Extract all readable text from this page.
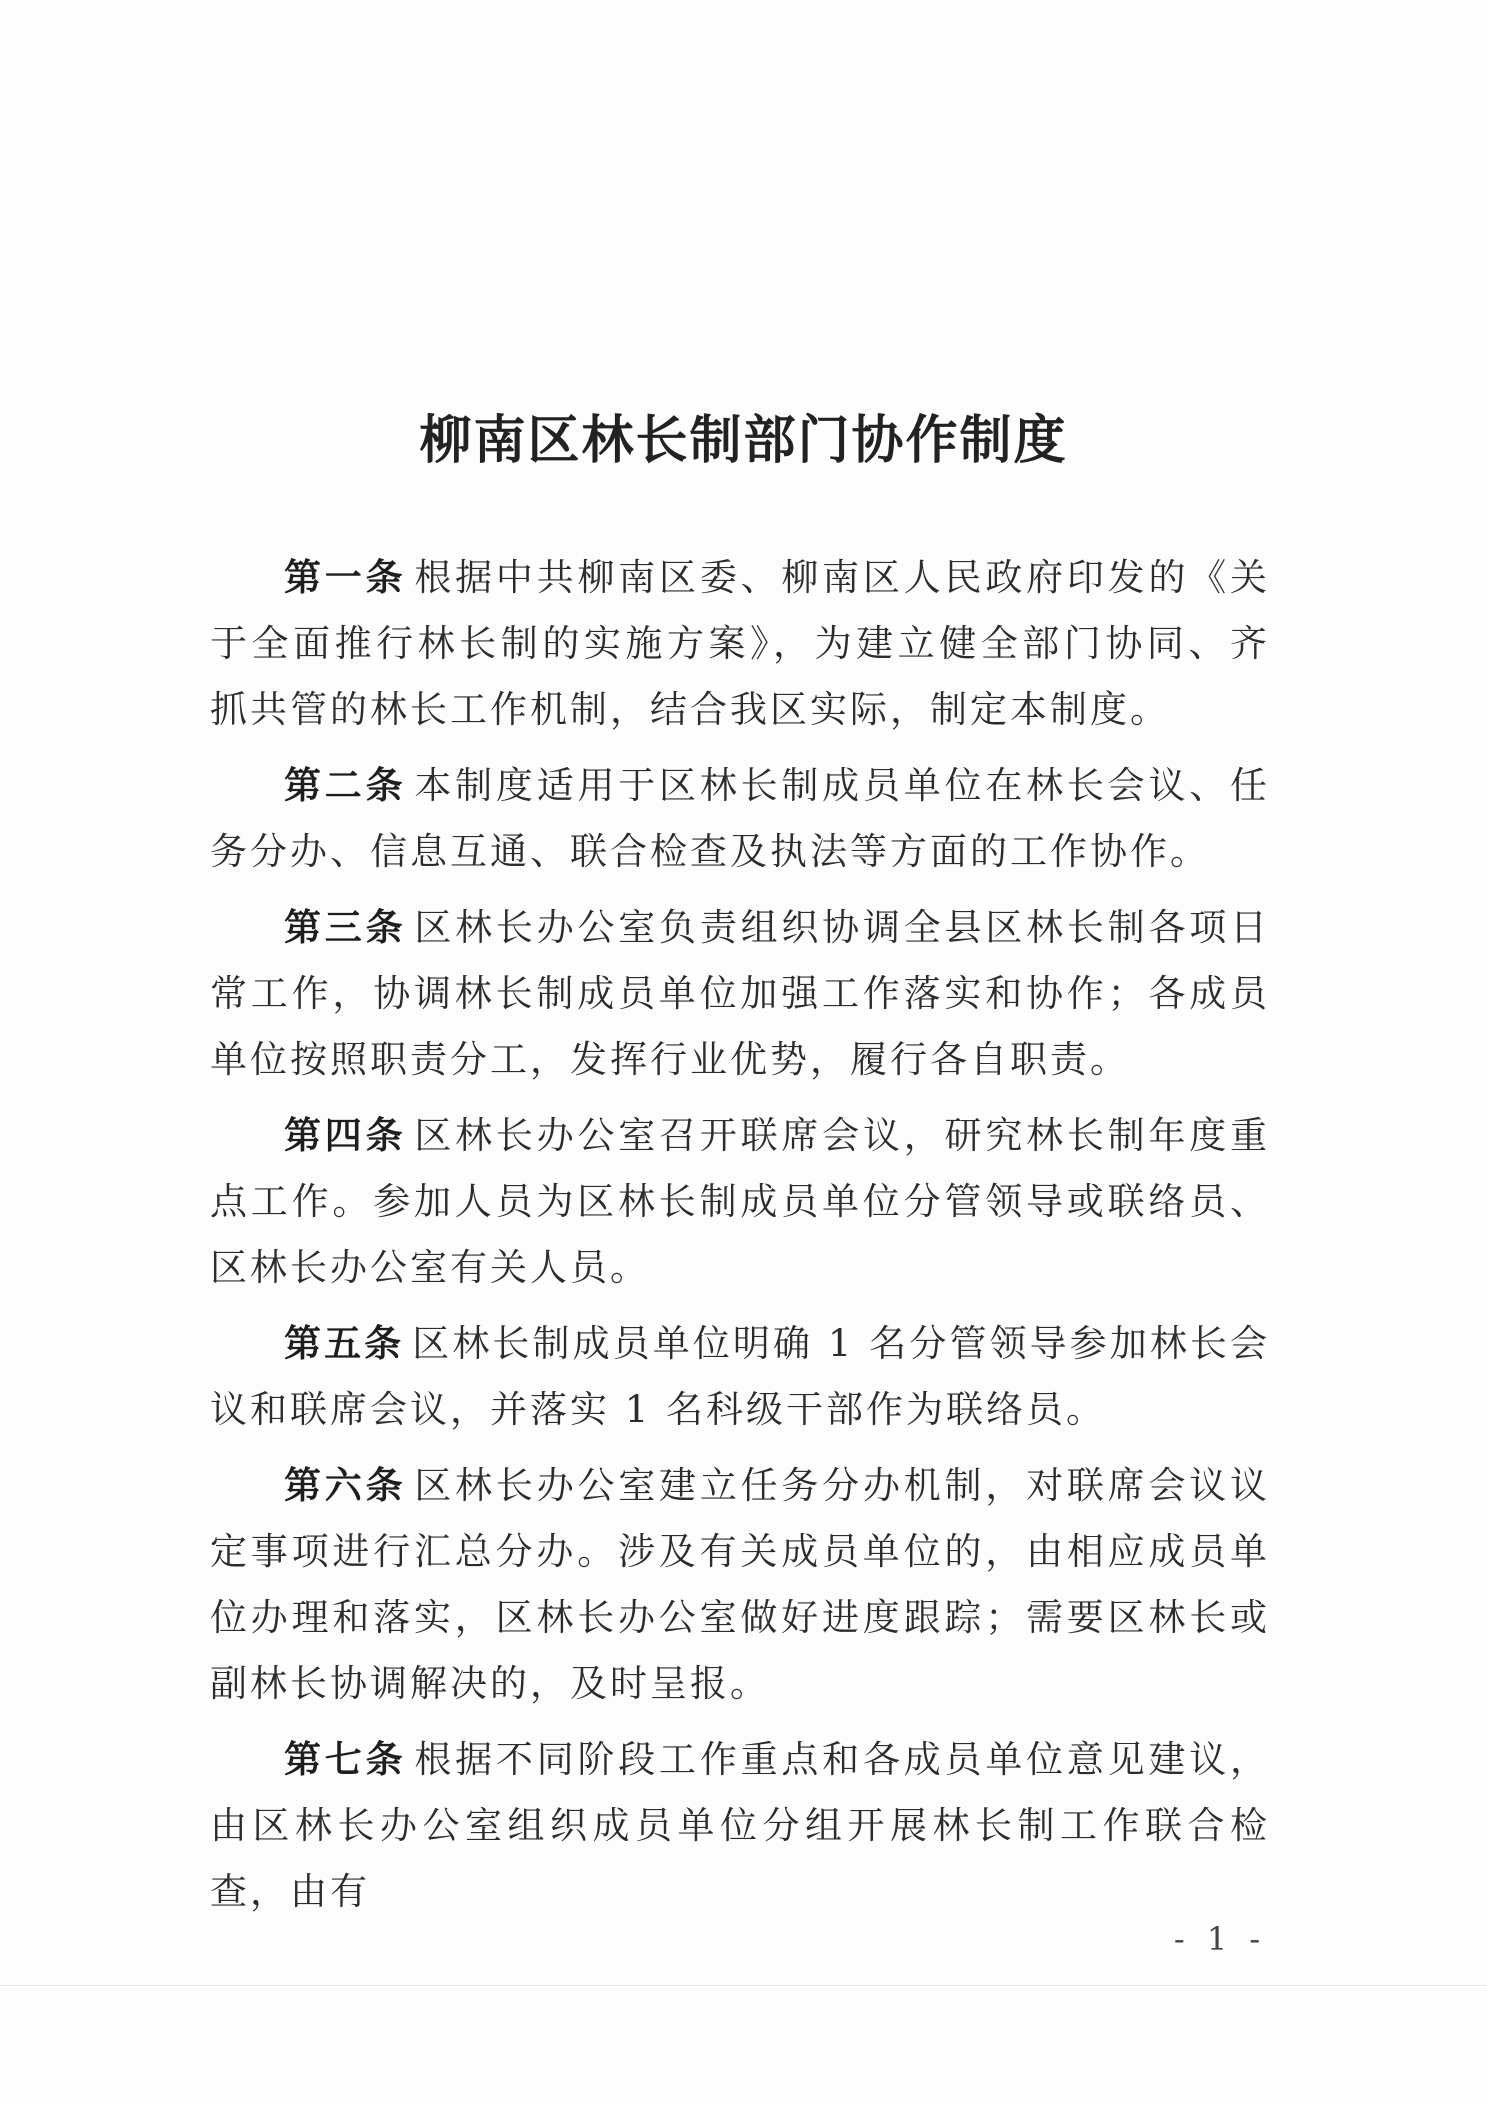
柳南区林长制部门协作制度

第一条 根据中共柳南区委、柳南区人民政府印发的《关于全面推行林长制的实施方案》，为建立健全部门协同、齐抓共管的林长工作机制，结合我区实际，制定本制度。

第二条 本制度适用于区林长制成员单位在林长会议、任务分办、信息互通、联合检查及执法等方面的工作协作。

第三条 区林长办公室负责组织协调全县区林长制各项日常工作，协调林长制成员单位加强工作落实和协作；各成员单位按照职责分工，发挥行业优势，履行各自职责。

第四条 区林长办公室召开联席会议，研究林长制年度重点工作。参加人员为区林长制成员单位分管领导或联络员、区林长办公室有关人员。

第五条 区林长制成员单位明确 1 名分管领导参加林长会议和联席会议，并落实 1 名科级干部作为联络员。

第六条 区林长办公室建立任务分办机制，对联席会议议定事项进行汇总分办。涉及有关成员单位的，由相应成员单位办理和落实，区林长办公室做好进度跟踪；需要区林长或副林长协调解决的，及时呈报。

第七条 根据不同阶段工作重点和各成员单位意见建议，由区林长办公室组织成员单位分组开展林长制工作联合检查，由有

- 1 -
